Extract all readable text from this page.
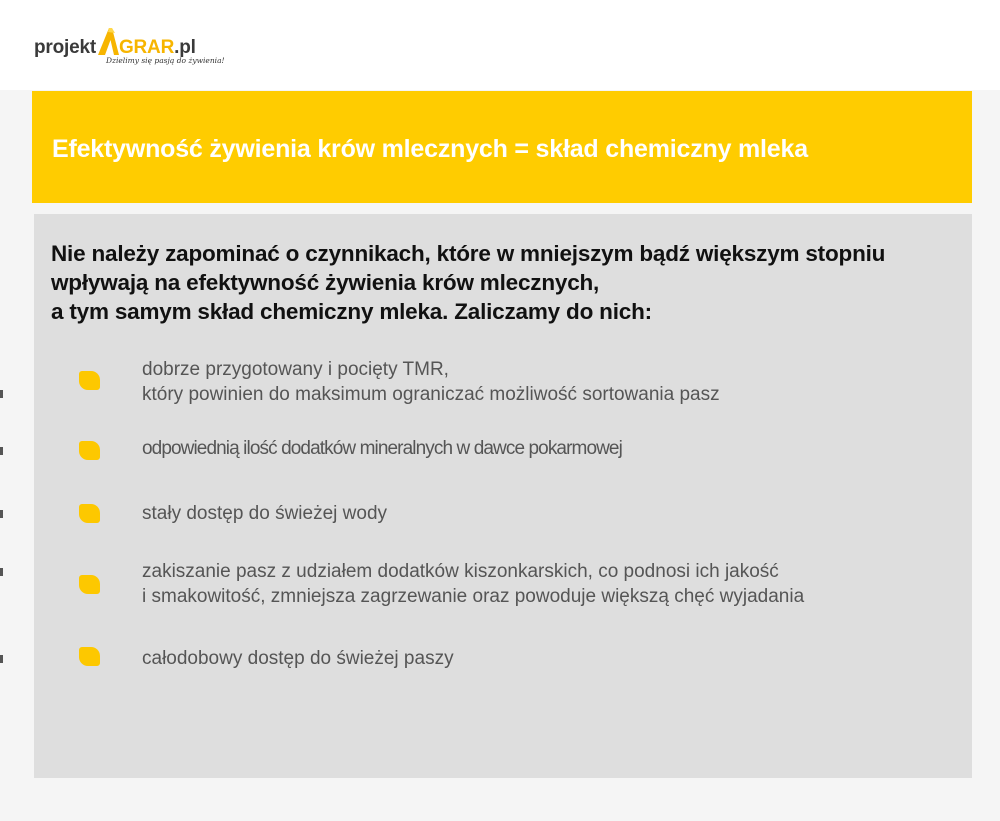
projekt GRAR.pl
Dzielimy się pasją do żywienia!
Efektywność żywienia krów mlecznych = skład chemiczny mleka
Nie należy zapominać o czynnikach, które w mniejszym bądź większym stopniu
wpływają na efektywność żywienia krów mlecznych,
a tym samym skład chemiczny mleka. Zaliczamy do nich:
dobrze przygotowany i pocięty TMR,
który powinien do maksimum ograniczać możliwość sortowania pasz
odpowiednią ilość dodatków mineralnych w dawce pokarmowej
stały dostęp do świeżej wody
zakiszanie pasz z udziałem dodatków kiszonkarskich, co podnosi ich jakość
i smakowitość, zmniejsza zagrzewanie oraz powoduje większą chęć wyjadania
całodobowy dostęp do świeżej paszy
